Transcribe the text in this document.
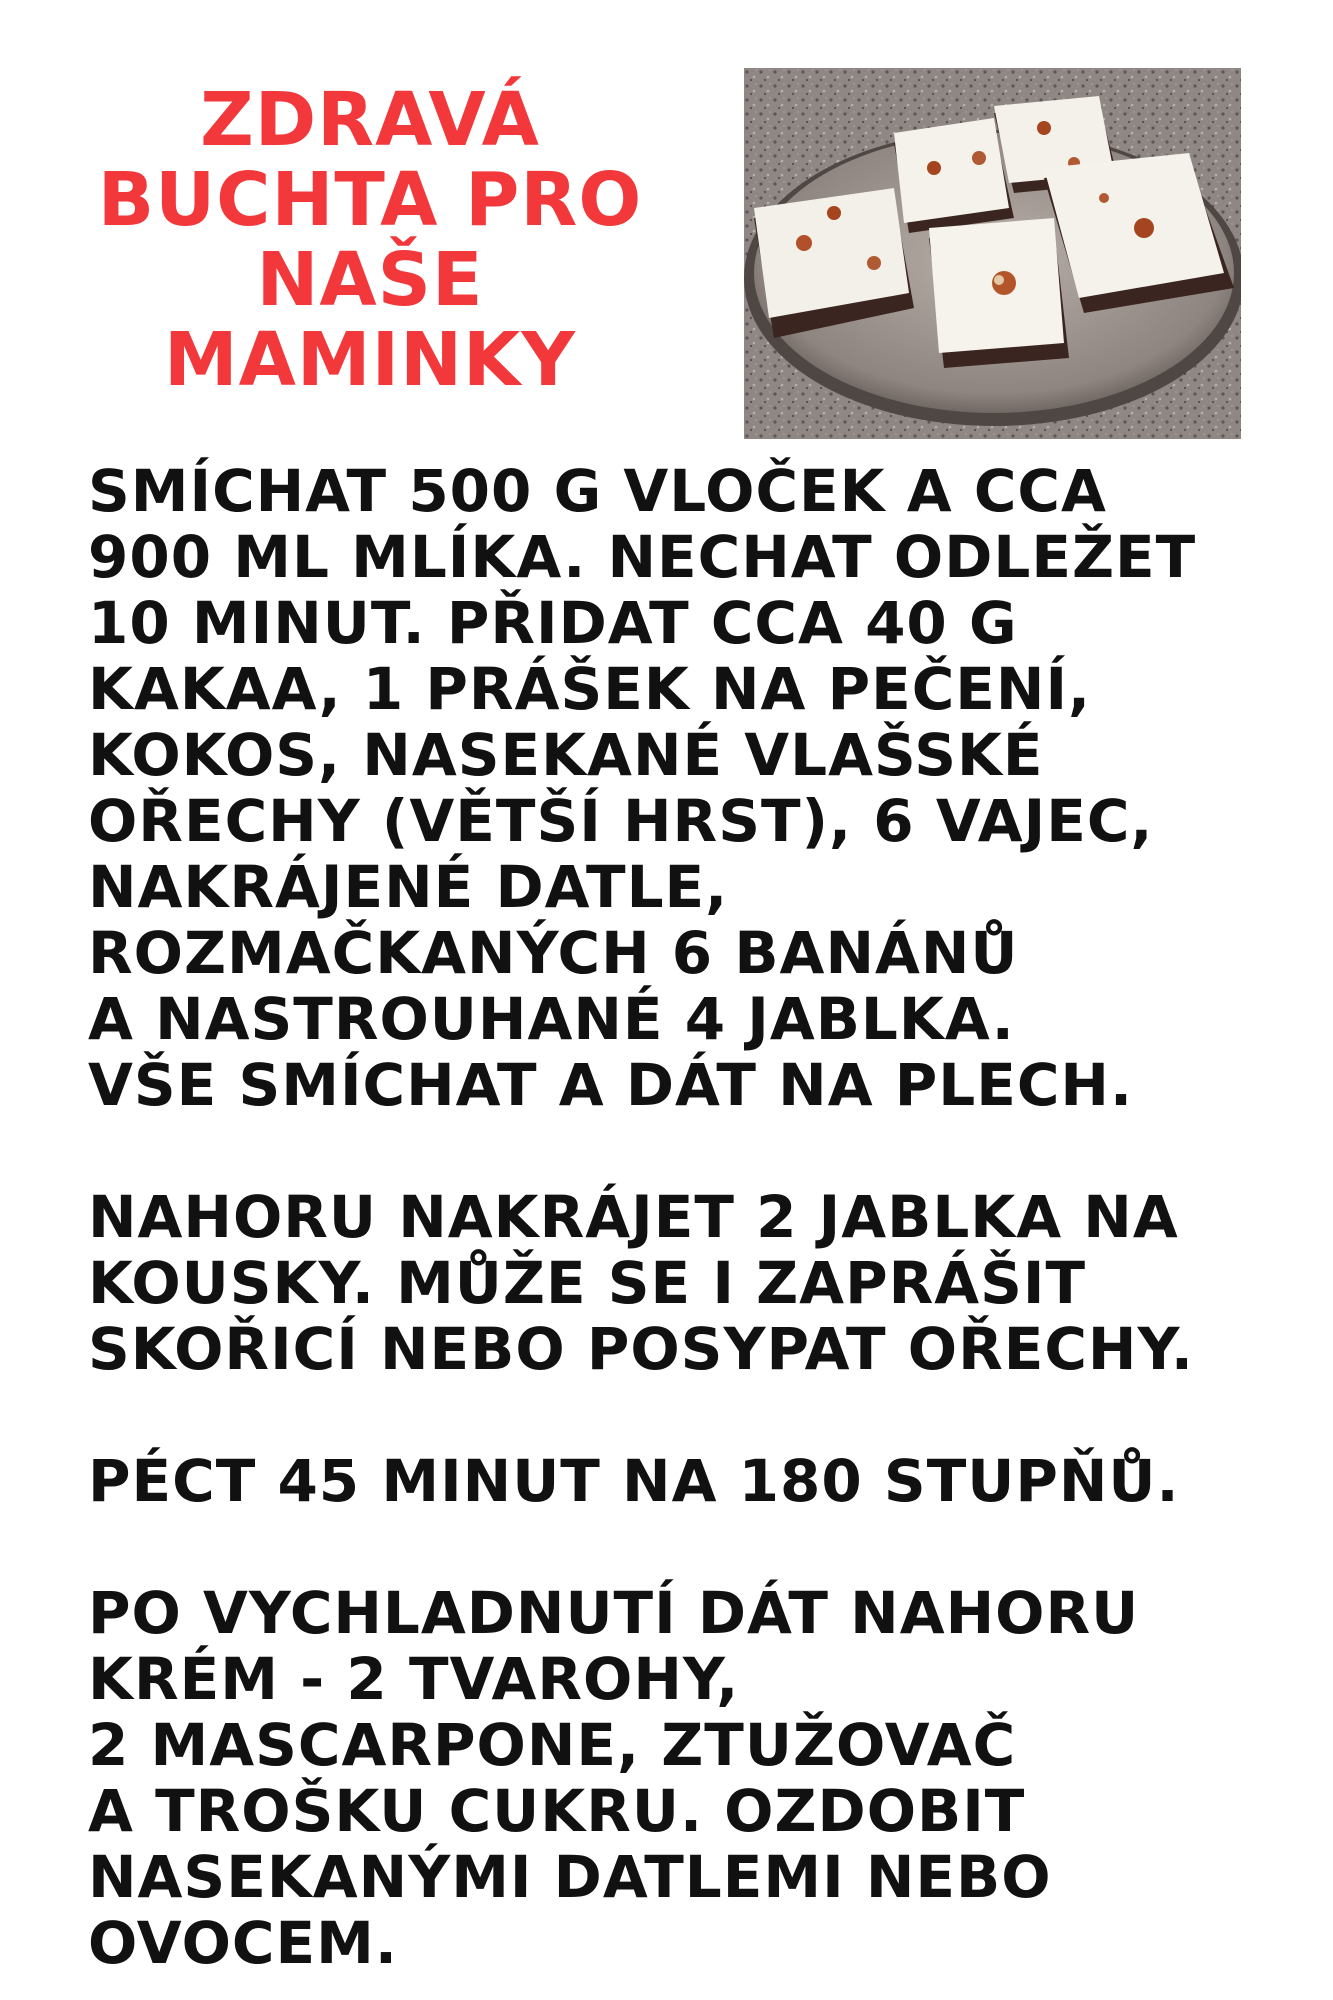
ZDRAVÁ
BUCHTA PRO
NAŠE
MAMINKY
SMÍCHAT 500 G VLOČEK A CCA
900 ML MLÍKA. NECHAT ODLEŽET
10 MINUT. PŘIDAT CCA 40 G
KAKAA, 1 PRÁŠEK NA PEČENÍ,
KOKOS, NASEKANÉ VLAŠSKÉ
OŘECHY (VĚTŠÍ HRST), 6 VAJEC,
NAKRÁJENÉ DATLE,
ROZMAČKANÝCH 6 BANÁNŮ
A NASTROUHANÉ 4 JABLKA.
VŠE SMÍCHAT A DÁT NA PLECH.
NAHORU NAKRÁJET 2 JABLKA NA
KOUSKY. MŮŽE SE I ZAPRÁŠIT
SKOŘICÍ NEBO POSYPAT OŘECHY.
PÉCT 45 MINUT NA 180 STUPŇŮ.
PO VYCHLADNUTÍ DÁT NAHORU
KRÉM - 2 TVAROHY,
2 MASCARPONE, ZTUŽOVAČ
A TROŠKU CUKRU. OZDOBIT
NASEKANÝMI DATLEMI NEBO
OVOCEM.
